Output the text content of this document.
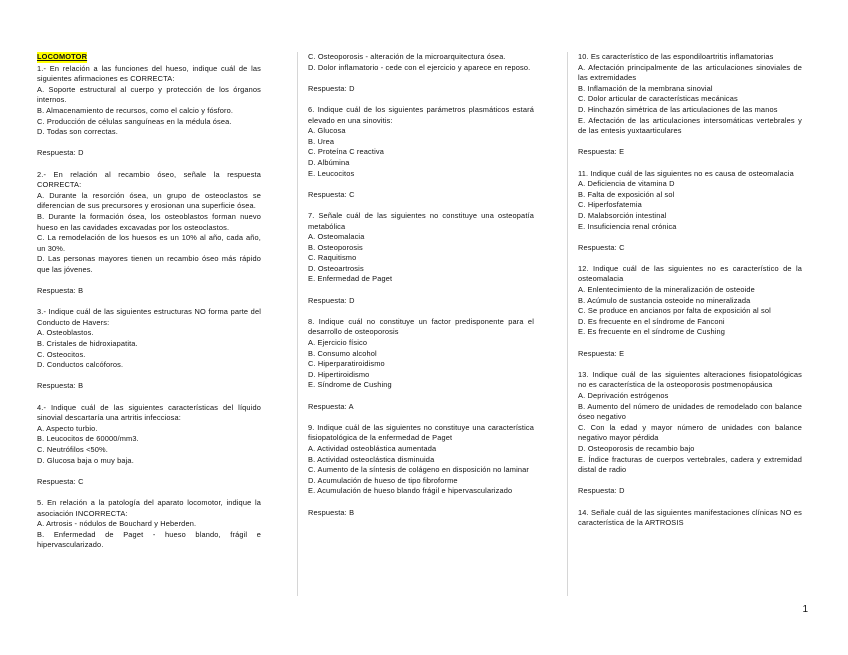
LOCOMOTOR
1.- En relación a las funciones del hueso, indique cuál de las siguientes afirmaciones es CORRECTA:
A. Soporte estructural al cuerpo y protección de los órganos internos.
B. Almacenamiento de recursos, como el calcio y fósforo.
C. Producción de células sanguíneas en la médula ósea.
D. Todas son correctas.
Respuesta: D
2.- En relación al recambio óseo, señale la respuesta CORRECTA:
A. Durante la resorción ósea, un grupo de osteoclastos se diferencian de sus precursores y erosionan una superficie ósea.
B. Durante la formación ósea, los osteoblastos forman nuevo hueso en las cavidades excavadas por los osteoclastos.
C. La remodelación de los huesos es un 10% al año, cada año, un 30%.
D. Las personas mayores tienen un recambio óseo más rápido que las jóvenes.
Respuesta: B
3.- Indique cuál de las siguientes estructuras NO forma parte del Conducto de Havers:
A. Osteoblastos.
B. Cristales de hidroxiapatita.
C. Osteocitos.
D. Conductos calcóforos.
Respuesta: B
4.- Indique cuál de las siguientes características del líquido sinovial descartaría una artritis infecciosa:
A. Aspecto turbio.
B. Leucocitos de 60000/mm3.
C. Neutrófilos <50%.
D. Glucosa baja o muy baja.
Respuesta: C
5. En relación a la patología del aparato locomotor, indique la asociación INCORRECTA:
A. Artrosis - nódulos de Bouchard y Heberden.
B. Enfermedad de Paget - hueso blando, frágil e hipervascularizado.
C. Osteoporosis - alteración de la microarquitectura ósea.
D. Dolor inflamatorio - cede con el ejercicio y aparece en reposo.
Respuesta: D
6. Indique cuál de los siguientes parámetros plasmáticos estará elevado en una sinovitis:
A. Glucosa
B. Urea
C. Proteína C reactiva
D. Albúmina
E. Leucocitos
Respuesta: C
7. Señale cuál de las siguientes no constituye una osteopatía metabólica
A. Osteomalacia
B. Osteoporosis
C. Raquitismo
D. Osteoartrosis
E. Enfermedad de Paget
Respuesta: D
8. Indique cuál no constituye un factor predisponente para el desarrollo de osteoporosis
A. Ejercicio físico
B. Consumo alcohol
C. Hiperparatiroidismo
D. Hipertiroidismo
E. Síndrome de Cushing
Respuesta: A
9. Indique cuál de las siguientes no constituye una característica fisiopatológica de la enfermedad de Paget
A. Actividad osteoblástica aumentada
B. Actividad osteoclástica disminuida
C. Aumento de la síntesis de colágeno en disposición no laminar
D. Acumulación de hueso de tipo fibroforme
E. Acumulación de hueso blando frágil e hipervascularizado
Respuesta: B
10. Es característico de las espondiloartritis inflamatorias
A. Afectación principalmente de las articulaciones sinoviales de las extremidades
B. Inflamación de la membrana sinovial
C. Dolor articular de características mecánicas
D. Hinchazón simétrica de las articulaciones de las manos
E. Afectación de las articulaciones intersomáticas vertebrales y de las entesis yuxtaarticulares
Respuesta: E
11. Indique cuál de las siguientes no es causa de osteomalacia
A. Deficiencia de vitamina D
B. Falta de exposición al sol
C. Hiperfosfatemia
D. Malabsorción intestinal
E. Insuficiencia renal crónica
Respuesta: C
12. Indique cuál de las siguientes no es característico de la osteomalacia
A. Enlentecimiento de la mineralización de osteoide
B. Acúmulo de sustancia osteoide no mineralizada
C. Se produce en ancianos por falta de exposición al sol
D. Es frecuente en el síndrome de Fanconi
E. Es frecuente en el síndrome de Cushing
Respuesta: E
13. Indique cuál de las siguientes alteraciones fisiopatológicas no es característica de la osteoporosis postmenopáusica
A. Deprivación estrógenos
B. Aumento del número de unidades de remodelado con balance óseo negativo
C. Con la edad y mayor número de unidades con balance negativo mayor pérdida
D. Osteoporosis de recambio bajo
E. Índice fracturas de cuerpos vertebrales, cadera y extremidad distal de radio
Respuesta: D
14. Señale cuál de las siguientes manifestaciones clínicas NO es característica de la ARTROSIS
1
